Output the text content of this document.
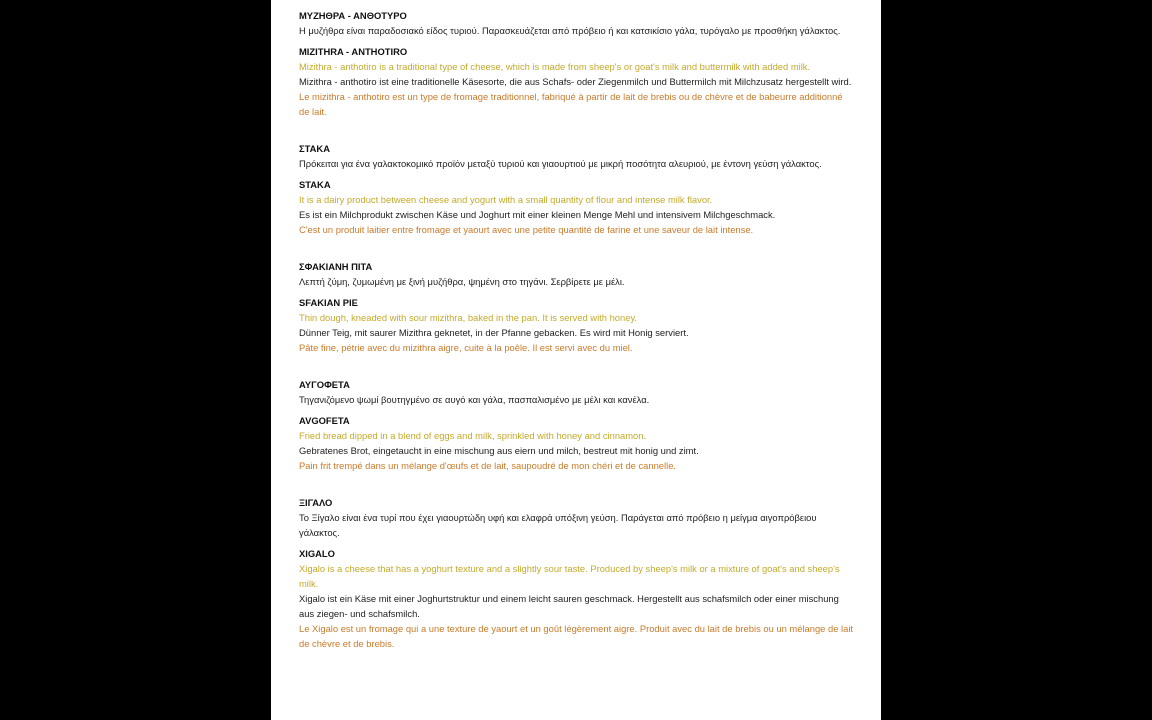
ΜΥΖΗΘΡΑ - ΑΝΘΟΤΥΡΟ
Η μυζήθρα είναι παραδοσιακό είδος τυριού. Παρασκευάζεται από πρόβειο ή και κατσικίσιο γάλα, τυρόγαλο με προσθήκη γάλακτος.
MIZITHRA - ANTHOTIRO
Mizithra - anthotiro is a traditional type of cheese, which is made from sheep's or goat's milk and buttermilk with added milk.
Mizithra - anthotiro ist eine traditionelle Käsesorte, die aus Schafs- oder Ziegenmilch und Buttermilch mit Milchzusatz hergestellt wird.
Le mizithra - anthotiro est un type de fromage traditionnel, fabriqué à partir de lait de brebis ou de chèvre et de babeurre additionné de lait.
ΣΤΑΚΑ
Πρόκειται για ένα γαλακτοκομικό προϊόν μεταξύ τυριού και γιαουρτιού με μικρή ποσότητα αλευριού, με έντονη γεύση γάλακτος.
STAKA
It is a dairy product between cheese and yogurt with a small quantity of flour and intense milk flavor.
Es ist ein Milchprodukt zwischen Käse und Joghurt mit einer kleinen Menge Mehl und intensivem Milchgeschmack.
C'est un produit laitier entre fromage et yaourt avec une petite quantité de farine et une saveur de lait intense.
ΣΦΑΚΙΑΝΗ ΠΙΤΑ
Λεπτή ζύμη, ζυμωμένη με ξινή μυζήθρα, ψημένη στο τηγάνι. Σερβίρετε με μέλι.
SFAKIAN PIE
Thin dough, kneaded with sour mizithra, baked in the pan. It is served with honey.
Dünner Teig, mit saurer Mizithra geknetet, in der Pfanne gebacken. Es wird mit Honig serviert.
Pâte fine, pétrie avec du mizithra aigre, cuite à la poêle. Il est servi avec du miel.
ΑΥΓΟΦΕΤΑ
Τηγανιζόμενο ψωμί βουτηγμένο σε αυγό και γάλα, πασπαλισμένο με μέλι και κανέλα.
AVGOFETA
Fried bread dipped in a blend of eggs and milk, sprinkled with honey and cinnamon.
Gebratenes Brot, eingetaucht in eine mischung aus eiern und milch, bestreut mit honig und zimt.
Pain frit trempé dans un mélange d'œufs et de lait, saupoudré de mon chéri et de cannelle.
ΞΙΓΑΛΟ
Το Ξίγαλο είναι ένα τυρί που έχει γιαουρτώδη υφή και ελαφρά υπόξινη γεύση. Παράγεται από πρόβειο η μείγμα αιγοπρόβειου γάλακτος.
XIGALO
Xigalo is a cheese that has a yoghurt texture and a slightly sour taste. Produced by sheep's milk or a mixture of goat's and sheep's milk.
Xigalo ist ein Käse mit einer Joghurtstruktur und einem leicht sauren geschmack. Hergestellt aus schafsmilch oder einer mischung aus ziegen- und schafsmilch.
Le Xigalo est un fromage qui a une texture de yaourt et un goût légèrement aigre. Produit avec du lait de brebis ou un mélange de lait de chèvre et de brebis.
